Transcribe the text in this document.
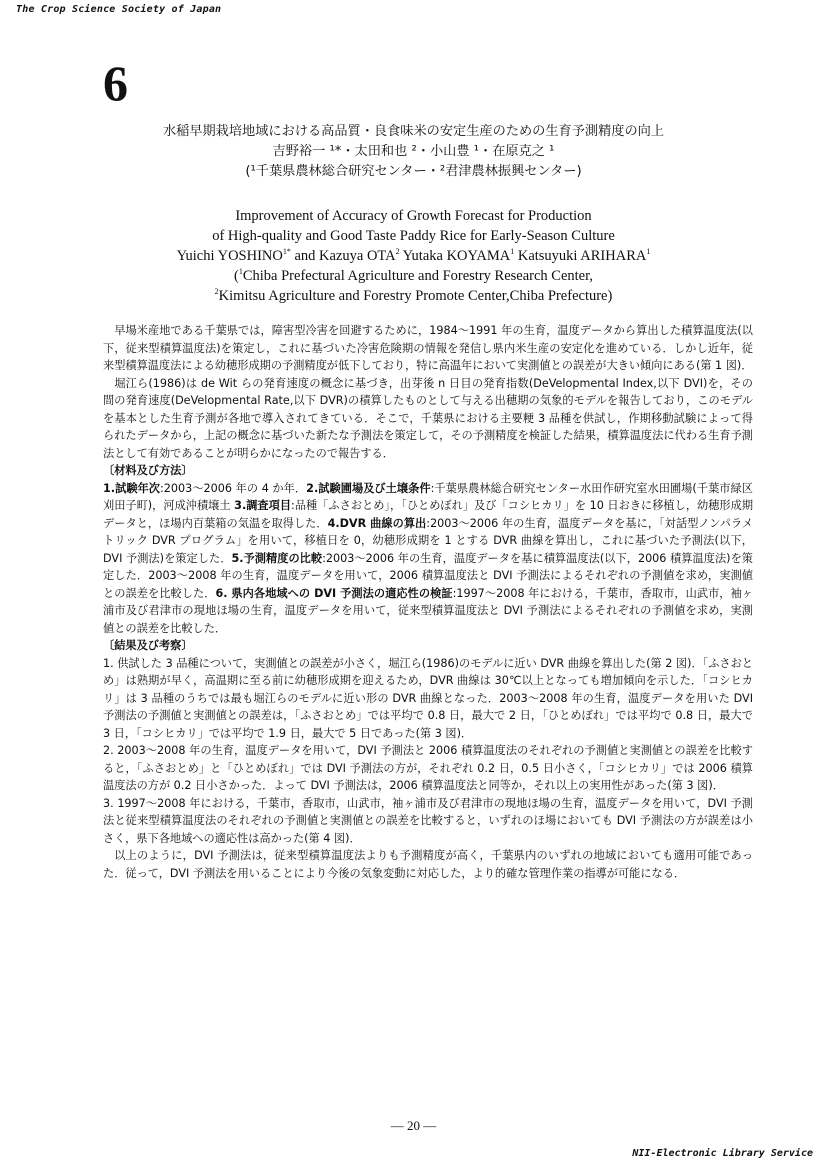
The Crop Science Society of Japan
6
水稲早期栽培地域における高品質・良食味米の安定生産のための生育予測精度の向上
吉野裕一 ¹*・太田和也 ²・小山豊 ¹・在原克之 ¹
(¹千葉県農林総合研究センター・²君津農林振興センター)
Improvement of Accuracy of Growth Forecast for Production
of High-quality and Good Taste Paddy Rice for Early-Season Culture
Yuichi $YOSHINO^{1*}$ and Kazuya OTA$^2$ Yutaka KOYAMA$^1$ Katsuyuki ARIHARA$^1$
($^1$Chiba Prefectural Agriculture and Forestry Research Center,
$^2$Kimitsu Agriculture and Forestry Promote Center,Chiba Prefecture)

早場米産地である千葉県では，障害型冷害を回避するために，1984～1991 年の生育，温度データから算出した積算温度法(以下，従来型積算温度法)を策定し，これに基づいた冷害危険期の情報を発信し県内米生産の安定化を進めている．しかし近年，従来型積算温度法による幼穂形成期の予測精度が低下しており，特に高温年において実測値との誤差が大きい傾向にある(第 1 図)．

堀江ら(1986)は de Wit らの発育速度の概念に基づき，出芽後 n 日目の発育指数(DeVelopmental Index,以下 DVI)を，その間の発育速度(DeVelopmental Rate,以下 DVR)の積算したものとして与える出穂期の気象的モデルを報告しており，このモデルを基本とした生育予測が各地で導入されてきている．そこで，千葉県における主要粳 3 品種を供試し，作期移動試験によって得られたデータから，上記の概念に基づいた新たな予測法を策定して，その予測精度を検証した結果，積算温度法に代わる生育予測法として有効であることが明らかになったので報告する．

〔材料及び方法〕

1.試験年次:2003～2006 年の 4 か年．2.試験圃場及び土壌条件:千葉県農林総合研究センター水田作研究室水田圃場(千葉市緑区刈田子町)，河成沖積壌土 3.調査項目:品種「ふさおとめ」，「ひとめぼれ」及び「コシヒカリ」を 10 日おきに移植し，幼穂形成期データと，ほ場内百葉箱の気温を取得した．4.DVR 曲線の算出:2003～2006 年の生育，温度データを基に，「対話型ノンパラメトリック DVR プログラム」を用いて，移植日を 0，幼穂形成期を 1 とする DVR 曲線を算出し，これに基づいた予測法(以下，DVI 予測法)を策定した．5.予測精度の比較:2003～2006 年の生育，温度データを基に積算温度法(以下，2006 積算温度法)を策定した．2003～2008 年の生育，温度データを用いて，2006 積算温度法と DVI 予測法によるそれぞれの予測値を求め，実測値との誤差を比較した．6. 県内各地域への DVI 予測法の適応性の検証:1997～2008 年における，千葉市，香取市，山武市，袖ヶ浦市及び君津市の現地ほ場の生育，温度データを用いて，従来型積算温度法と DVI 予測法によるそれぞれの予測値を求め，実測値との誤差を比較した．

〔結果及び考察〕

1. 供試した 3 品種について，実測値との誤差が小さく，堀江ら(1986)のモデルに近い DVR 曲線を算出した(第 2 図)．「ふさおとめ」は熟期が早く，高温期に至る前に幼穂形成期を迎えるため，DVR 曲線は 30℃以上となっても増加傾向を示した．「コシヒカリ」は 3 品種のうちでは最も堀江らのモデルに近い形の DVR 曲線となった．2003～2008 年の生育，温度データを用いた DVI 予測法の予測値と実測値との誤差は，「ふさおとめ」では平均で 0.8 日，最大で 2 日，「ひとめぼれ」では平均で 0.8 日，最大で 3 日，「コシヒカリ」では平均で 1.9 日，最大で 5 日であった(第 3 図)．

2. 2003～2008 年の生育，温度データを用いて，DVI 予測法と 2006 積算温度法のそれぞれの予測値と実測値との誤差を比較すると，「ふさおとめ」と「ひとめぼれ」では DVI 予測法の方が，それぞれ 0.2 日，0.5 日小さく，「コシヒカリ」では 2006 積算温度法の方が 0.2 日小さかった．よって DVI 予測法は，2006 積算温度法と同等か，それ以上の実用性があった(第 3 図)．

3. 1997～2008 年における，千葉市，香取市，山武市，袖ヶ浦市及び君津市の現地ほ場の生育，温度データを用いて，DVI 予測法と従来型積算温度法のそれぞれの予測値と実測値との誤差を比較すると，いずれのほ場においても DVI 予測法の方が誤差は小さく，県下各地域への適応性は高かった(第 4 図)．

以上のように，DVI 予測法は，従来型積算温度法よりも予測精度が高く，千葉県内のいずれの地域においても適用可能であった．従って，DVI 予測法を用いることにより今後の気象変動に対応した，より的確な管理作業の指導が可能になる．

— 20 —
NII-Electronic Library Service
